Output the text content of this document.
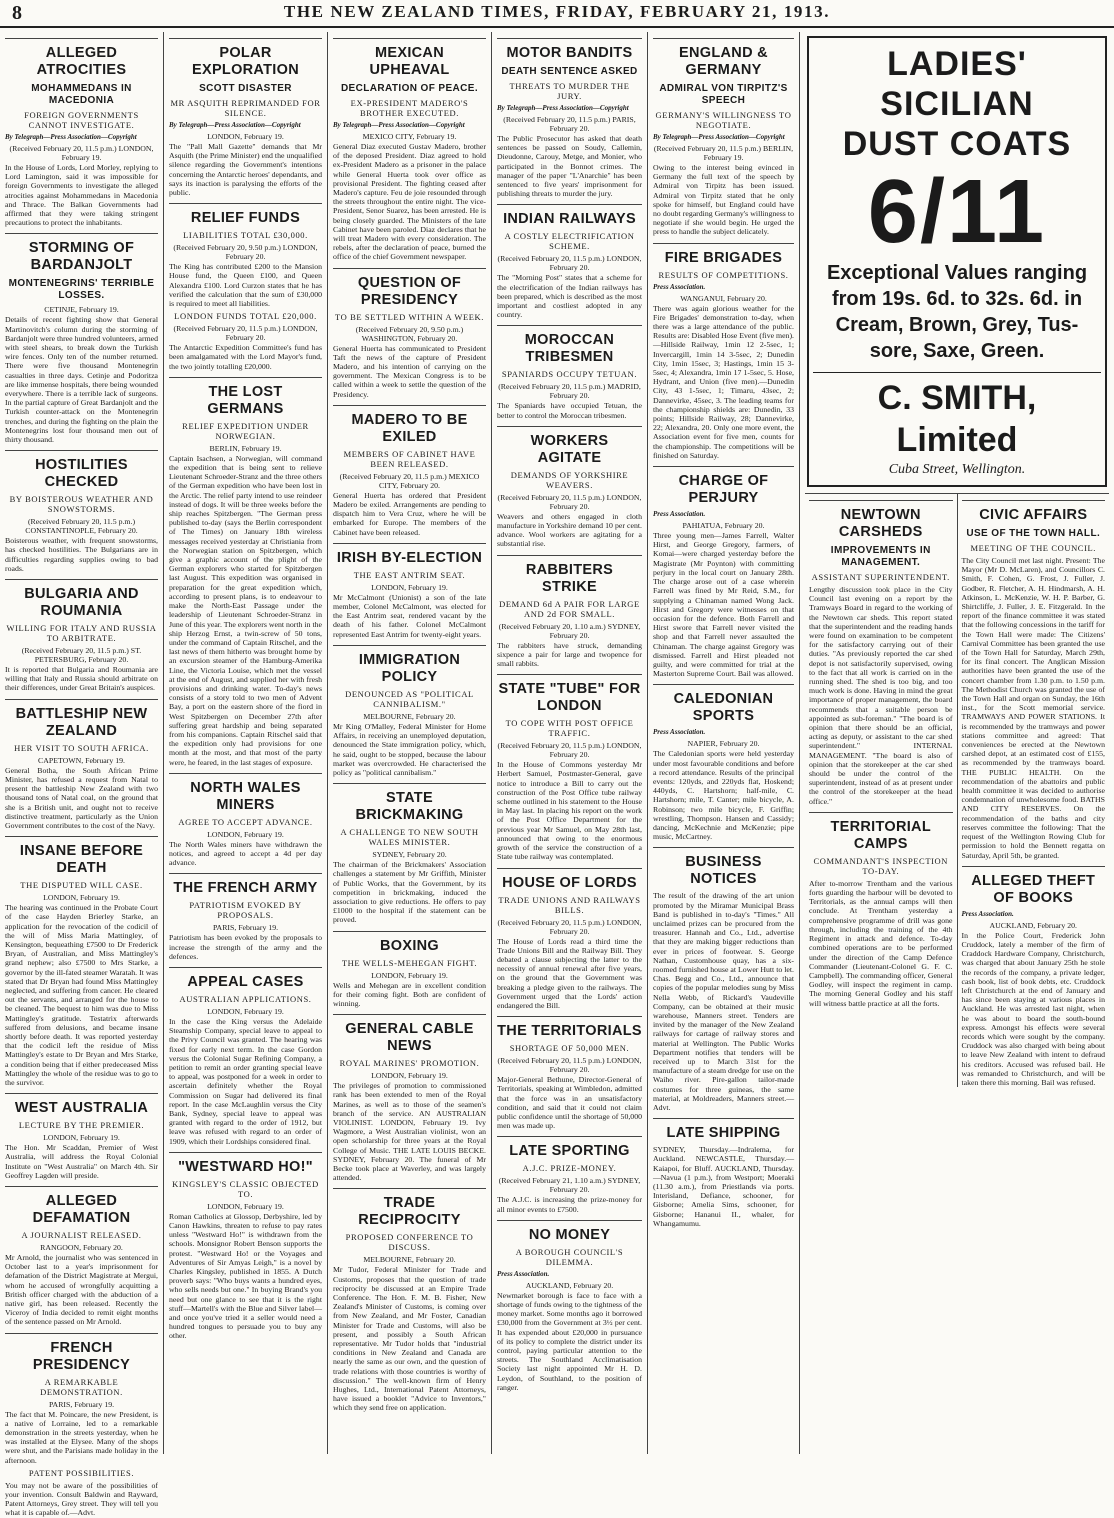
8	THE NEW ZEALAND TIMES, FRIDAY, FEBRUARY 21, 1913.
ALLEGED ATROCITIES
MOHAMMEDANS IN MACEDONIA
FOREIGN GOVERNMENTS CANNOT INVESTIGATE.
By Telegraph—Press Association—Copyright
(Received February 20, 11.5 p.m.) LONDON, February 19.

In the House of Lords, Lord Morley, replying to Lord Lamington, said it was impossible for foreign Governments to investigate the alleged atrocities against Mohammedans in Macedonia and Thrace. The Balkan Governments had affirmed that they were taking stringent precautions to protect the inhabitants.

STORMING OF BARDANJOLT
MONTENEGRINS' TERRIBLE LOSSES.
CETINJE, February 19.

Details of recent fighting show that General Martinovitch's column during the storming of Bardanjolt were three hundred volunteers, armed with steel shears, to break down the Turkish wire fences. Only ten of the number returned. There were five thousand Montenegrin casualties in three days. Cetinje and Podoritza are like immense hospitals, there being wounded everywhere. There is a terrible lack of surgeons. In the partial capture of Great Bardanjolt and the Turkish counter-attack on the Montenegrin trenches, and during the fighting on the plain the Montenegrins lost four thousand men out of thirty thousand.

HOSTILITIES CHECKED
BY BOISTEROUS WEATHER AND SNOWSTORMS.
(Received February 20, 11.5 p.m.) CONSTANTINOPLE, February 20.

Boisterous weather, with frequent snowstorms, has checked hostilities. The Bulgarians are in difficulties regarding supplies owing to bad roads.

BULGARIA AND ROUMANIA
WILLING FOR ITALY AND RUSSIA TO ARBITRATE.
(Received February 20, 11.5 p.m.) ST. PETERSBURG, February 20.

It is reported that Bulgaria and Roumania are willing that Italy and Russia should arbitrate on their differences, under Great Britain's auspices.

BATTLESHIP NEW ZEALAND
HER VISIT TO SOUTH AFRICA.
CAPETOWN, February 19.

General Botha, the South African Prime Minister, has refused a request from Natal to present the battleship New Zealand with two thousand tons of Natal coal, on the ground that she is a British unit, and ought not to receive distinctive treatment, particularly as the Union Government contributes to the cost of the Navy.

INSANE BEFORE DEATH
THE DISPUTED WILL CASE.
LONDON, February 19.

The hearing was continued in the Probate Court of the case Hayden Brierley Starke, an application for the revocation of the codicil of the will of Miss Maria Mattingley, of Kensington, bequeathing £7500 to Dr Frederick Bryan, of Australian, and Miss Mattingley's grand nephew; also £7500 to Mrs Starke, a governor by the ill-fated steamer Waratah. It was stated that Dr Bryan had found Miss Mattingley neglected, and suffering from cancer. He cleared out the servants, and arranged for the house to be cleaned. The bequest to him was due to Miss Mattingley's gratitude. Testatrix afterwards suffered from delusions, and became insane shortly before death. It was reported yesterday that the codicil left the residue of Miss Mattingley's estate to Dr Bryan and Mrs Starke, a condition being that if either predeceased Miss Mattingley the whole of the residue was to go to the survivor.

WEST AUSTRALIA
LECTURE BY THE PREMIER.
LONDON, February 19.

The Hon. Mr Scaddan, Premier of West Australia, will address the Royal Colonial Institute on "West Australia" on March 4th. Sir Geoffrey Lagden will preside.

ALLEGED DEFAMATION
A JOURNALIST RELEASED.
RANGOON, February 20.

Mr Arnold, the journalist who was sentenced in October last to a year's imprisonment for defamation of the District Magistrate at Mergui, whom he accused of wrongfully acquitting a British officer charged with the abduction of a native girl, has been released. Recently the Viceroy of India decided to remit eight months of the sentence passed on Mr Arnold.

FRENCH PRESIDENCY
A REMARKABLE DEMONSTRATION.
PARIS, February 19.

The fact that M. Poincare, the new President, is a native of Lorraine, led to a remarkable demonstration in the streets yesterday, when he was installed at the Elysee. Many of the shops were shut, and the Parisians made holiday in the afternoon.

PATENT POSSIBILITIES.

You may not be aware of the possibilities of your invention. Consult Baldwin and Rayward, Patent Attorneys, Grey street. They will tell you what it is capable of.—Advt.

POLAR EXPLORATION
SCOTT DISASTER
MR ASQUITH REPRIMANDED FOR SILENCE.
By Telegraph—Press Association—Copyright
LONDON, February 19.

The "Pall Mall Gazette" demands that Mr Asquith (the Prime Minister) end the unqualified silence regarding the Government's intentions concerning the Antarctic heroes' dependants, and says its inaction is paralysing the efforts of the public.

RELIEF FUNDS
LIABILITIES TOTAL £30,000.
(Received February 20, 9.50 p.m.) LONDON, February 20.

The King has contributed £200 to the Mansion House fund, the Queen £100, and Queen Alexandra £100. Lord Curzon states that he has verified the calculation that the sum of £30,000 is required to meet all liabilities.

LONDON FUNDS TOTAL £20,000.
(Received February 20, 11.5 p.m.) LONDON, February 20.

The Antarctic Expedition Committee's fund has been amalgamated with the Lord Mayor's fund, the two jointly totalling £20,000.

THE LOST GERMANS
RELIEF EXPEDITION UNDER NORWEGIAN.
BERLIN, February 19.

Captain Isachsen, a Norwegian, will command the expedition that is being sent to relieve Lieutenant Schroeder-Stranz and the three others of the German expedition who have been lost in the Arctic. The relief party intend to use reindeer instead of dogs. It will be three weeks before the ship reaches Spitzbergen. "The German press published to-day (says the Berlin correspondent of The Times) on January 18th wireless messages received yesterday at Christiania from the Norwegian station on Spitzbergen, which give a graphic account of the plight of the German explorers who started for Spitzbergen last August. This expedition was organised in preparation for the great expedition which, according to present plans, is to endeavour to make the North-East Passage under the leadership of Lieutenant Schroeder-Stranz in June of this year. The explorers went north in the ship Herzog Ernst, a twin-screw of 50 tons, under the command of Captain Ritschel, and the last news of them hitherto was brought home by an excursion steamer of the Hamburg-Amerika Line, the Victoria Louise, which met the vessel at the end of August, and supplied her with fresh provisions and drinking water. To-day's news consists of a story told to two men of Advent Bay, a port on the eastern shore of the fiord in West Spitzbergen on December 27th after suffering great hardship and being separated from his companions. Captain Ritschel said that the expedition only had provisions for one month at the most, and that most of the party were, he feared, in the last stages of exposure.

NORTH WALES MINERS
AGREE TO ACCEPT ADVANCE.
LONDON, February 19.

The North Wales miners have withdrawn the notices, and agreed to accept a 4d per day advance.

THE FRENCH ARMY
PATRIOTISM EVOKED BY PROPOSALS.
PARIS, February 19.

Patriotism has been evoked by the proposals to increase the strength of the army and the defences.

APPEAL CASES
AUSTRALIAN APPLICATIONS.
LONDON, February 19.

In the case the King versus the Adelaide Steamship Company, special leave to appeal to the Privy Council was granted. The hearing was fixed for early next term. In the case Gordon versus the Colonial Sugar Refining Company, a petition to remit an order granting special leave to appeal, was postponed for a week in order to ascertain definitely whether the Royal Commission on Sugar had delivered its final report. In the case McLaughlin versus the City Bank, Sydney, special leave to appeal was granted with regard to the order of 1912, but leave was refused with regard to an order of 1909, which their Lordships considered final.

"WESTWARD HO!"
KINGSLEY'S CLASSIC OBJECTED TO.
LONDON, February 19.

Roman Catholics at Glossop, Derbyshire, led by Canon Hawkins, threaten to refuse to pay rates unless "Westward Ho!" is withdrawn from the schools. Monsignor Robert Benson supports the protest. "Westward Ho! or the Voyages and Adventures of Sir Amyas Leigh," is a novel by Charles Kingsley, published in 1855. A Dutch proverb says: "Who buys wants a hundred eyes, who sells needs but one." In buying Brand's you need but one glance to see that it is the right stuff—Martell's with the Blue and Silver label—and once you've tried it a seller would need a hundred tongues to persuade you to buy any other.

MEXICAN UPHEAVAL
DECLARATION OF PEACE.
EX-PRESIDENT MADERO'S BROTHER EXECUTED.
By Telegraph—Press Association—Copyright
MEXICO CITY, February 19.

General Diaz executed Gustav Madero, brother of the deposed President. Diaz agreed to hold ex-President Madero as a prisoner in the palace while General Huerta took over office as provisional President. The fighting ceased after Madero's capture. Feu de joie resounded through the streets throughout the entire night. The vice-President, Senor Suarez, has been arrested. He is being closely guarded. The Ministers of the late Cabinet have been paroled. Diaz declares that he will treat Madero with every consideration. The rebels, after the declaration of peace, burned the office of the chief Government newspaper.

QUESTION OF PRESIDENCY
TO BE SETTLED WITHIN A WEEK.
(Received February 20, 9.50 p.m.) WASHINGTON, February 20.

General Huerta has communicated to President Taft the news of the capture of President Madero, and his intention of carrying on the government. The Mexican Congress is to be called within a week to settle the question of the Presidency.

MADERO TO BE EXILED
MEMBERS OF CABINET HAVE BEEN RELEASED.
(Received February 20, 11.5 p.m.) MEXICO CITY, February 20.

General Huerta has ordered that President Madero be exiled. Arrangements are pending to dispatch him to Vera Cruz, where he will be embarked for Europe. The members of the Cabinet have been released.

IRISH BY-ELECTION
THE EAST ANTRIM SEAT.
LONDON, February 19.

Mr McCalmont (Unionist) a son of the late member, Colonel McCalmont, was elected for the East Antrim seat, rendered vacant by the death of his father. Colonel McCalmont represented East Antrim for twenty-eight years.

IMMIGRATION POLICY
DENOUNCED AS "POLITICAL CANNIBALISM."
MELBOURNE, February 20.

Mr King O'Malley, Federal Minister for Home Affairs, in receiving an unemployed deputation, denounced the State immigration policy, which, he said, ought to be stopped, because the labour market was overcrowded. He characterised the policy as "political cannibalism."

STATE BRICKMAKING
A CHALLENGE TO NEW SOUTH WALES MINISTER.
SYDNEY, February 20.

The chairman of the Brickmakers' Association challenges a statement by Mr Griffith, Minister of Public Works, that the Government, by its competition in brickmaking, induced the association to give reductions. He offers to pay £1000 to the hospital if the statement can be proved.

BOXING
THE WELLS-MEHEGAN FIGHT.
LONDON, February 19.

Wells and Mehegan are in excellent condition for their coming fight. Both are confident of winning.

GENERAL CABLE NEWS
ROYAL MARINES' PROMOTION.
LONDON, February 19.

The privileges of promotion to commissioned rank has been extended to men of the Royal Marines, as well as to those of the seamen's branch of the service. AN AUSTRALIAN VIOLINIST. LONDON, February 19. Ivy Wagmore, a West Australian violinist, won an open scholarship for three years at the Royal College of Music. THE LATE LOUIS BECKE. SYDNEY, February 20. The funeral of Mr Becke took place at Waverley, and was largely attended.

TRADE RECIPROCITY
PROPOSED CONFERENCE TO DISCUSS.
MELBOURNE, February 20.

Mr Tudor, Federal Minister for Trade and Customs, proposes that the question of trade reciprocity be discussed at an Empire Trade Conference. The Hon. F. M. B. Fisher, New Zealand's Minister of Customs, is coming over from New Zealand, and Mr Foster, Canadian Minister for Trade and Customs, will also be present, and possibly a South African representative. Mr Tudor holds that "industrial conditions in New Zealand and Canada are nearly the same as our own, and the question of trade relations with those countries is worthy of discussion." The well-known firm of Henry Hughes, Ltd., International Patent Attorneys, have issued a booklet "Advice to Inventors," which they send free on application.

MOTOR BANDITS
DEATH SENTENCE ASKED
THREATS TO MURDER THE JURY.
By Telegraph—Press Association—Copyright
(Received February 20, 11.5 p.m.) PARIS, February 20.

The Public Prosecutor has asked that death sentences be passed on Soudy, Callemin, Dieudonne, Carouy, Metge, and Monier, who participated in the Bonnot crimes. The manager of the paper "L'Anarchie" has been sentenced to five years' imprisonment for publishing threats to murder the jury.

INDIAN RAILWAYS
A COSTLY ELECTRIFICATION SCHEME.
(Received February 20, 11.5 p.m.) LONDON, February 20.

The "Morning Post" states that a scheme for the electrification of the Indian railways has been prepared, which is described as the most important and costliest adopted in any country.

MOROCCAN TRIBESMEN
SPANIARDS OCCUPY TETUAN.
(Received February 20, 11.5 p.m.) MADRID, February 20.

The Spaniards have occupied Tetuan, the better to control the Moroccan tribesmen.

WORKERS AGITATE
DEMANDS OF YORKSHIRE WEAVERS.
(Received February 20, 11.5 p.m.) LONDON, February 20.

Weavers and others engaged in cloth manufacture in Yorkshire demand 10 per cent. advance. Wool workers are agitating for a substantial rise.

RABBITERS STRIKE
DEMAND 6d A PAIR FOR LARGE AND 2d FOR SMALL.
(Received February 20, 1.10 a.m.) SYDNEY, February 20.

The rabbiters have struck, demanding sixpence a pair for large and twopence for small rabbits.

STATE "TUBE" FOR LONDON
TO COPE WITH POST OFFICE TRAFFIC.
(Received February 20, 11.5 p.m.) LONDON, February 20.

In the House of Commons yesterday Mr Herbert Samuel, Postmaster-General, gave notice to introduce a Bill to carry out the construction of the Post Office tube railway scheme outlined in his statement to the House in May last. In placing his report on the work of the Post Office Department for the previous year Mr Samuel, on May 28th last, announced that owing to the enormous growth of the service the construction of a State tube railway was contemplated.

HOUSE OF LORDS
TRADE UNIONS AND RAILWAYS BILLS.
(Received February 20, 11.5 p.m.) LONDON, February 20.

The House of Lords read a third time the Trade Unions Bill and the Railway Bill. They debated a clause subjecting the latter to the necessity of annual renewal after five years, on the ground that the Government was breaking a pledge given to the railways. The Government urged that the Lords' action endangered the Bill.

THE TERRITORIALS
SHORTAGE OF 50,000 MEN.
(Received February 20, 11.5 p.m.) LONDON, February 20.

Major-General Bethune, Director-General of Territorials, speaking at Wimbledon, admitted that the force was in an unsatisfactory condition, and said that it could not claim public confidence until the shortage of 50,000 men was made up.

LATE SPORTING
A.J.C. PRIZE-MONEY.
(Received February 21, 1.10 a.m.) SYDNEY, February 20.

The A.J.C. is increasing the prize-money for all minor events to £7500.

NO MONEY
A BOROUGH COUNCIL'S DILEMMA.
Press Association.
AUCKLAND, February 20.

Newmarket borough is face to face with a shortage of funds owing to the tightness of the money market. Some months ago it borrowed £30,000 from the Government at 3½ per cent. It has expended about £20,000 in pursuance of its policy to complete the district under its control, paying particular attention to the streets. The Southland Acclimatisation Society last night appointed Mr H. D. Leydon, of Southland, to the position of ranger.

ENGLAND & GERMANY
ADMIRAL VON TIRPITZ'S SPEECH
GERMANY'S WILLINGNESS TO NEGOTIATE.
By Telegraph—Press Association—Copyright
(Received February 20, 11.5 p.m.) BERLIN, February 19.

Owing to the interest being evinced in Germany the full text of the speech by Admiral von Tirpitz has been issued. Admiral von Tirpitz stated that he only spoke for himself, but England could have no doubt regarding Germany's willingness to negotiate if she would begin. He urged the press to handle the subject delicately.

FIRE BRIGADES
RESULTS OF COMPETITIONS.
Press Association.
WANGANUI, February 20.

There was again glorious weather for the Fire Brigades' demonstration to-day, when there was a large attendance of the public. Results are: Disabled Hose Event (five men).—Hillside Railway, 1min 12 2-5sec, 1; Invercargill, 1min 14 3-5sec, 2; Dunedin City, 1min 15sec, 3; Hastings, 1min 15 3-5sec, 4; Alexandra, 1min 17 1-5sec, 5. Hose, Hydrant, and Union (five men).—Dunedin City, 43 1-5sec, 1; Timaru, 43sec, 2; Dannevirke, 45sec, 3. The leading teams for the championship shields are: Dunedin, 33 points; Hillside Railway, 28; Dannevirke, 22; Alexandra, 20. Only one more event, the Association event for five men, counts for the championship. The competitions will be finished on Saturday.

CHARGE OF PERJURY
Press Association.
PAHIATUA, February 20.

Three young men—James Farrell, Walter Hirst, and George Gregory, farmers, of Komai—were charged yesterday before the Magistrate (Mr Poynton) with committing perjury in the local court on January 28th. The charge arose out of a case wherein Farrell was fined by Mr Reid, S.M., for supplying a Chinaman named Wong Jack. Hirst and Gregory were witnesses on that occasion for the defence. Both Farrell and Hirst swore that Farrell never visited the shop and that Farrell never assaulted the Chinaman. The charge against Gregory was dismissed. Farrell and Hirst pleaded not guilty, and were committed for trial at the Masterton Supreme Court. Bail was allowed.

CALEDONIAN SPORTS
Press Association.
NAPIER, February 20.

The Caledonian sports were held yesterday under most favourable conditions and before a record attendance. Results of the principal events: 120yds, and 220yds flat, Hoskend; 440yds, C. Hartshorn; half-mile, C. Hartshorn; mile, T. Canter; mile bicycle, A. Robinson; two mile bicycle, F. Griffin; wrestling, Thompson. Hansen and Cassidy; dancing, McKechnie and McKenzie; pipe music, McCartney.

BUSINESS NOTICES

The result of the drawing of the art union promoted by the Miramar Municipal Brass Band is published in to-day's "Times." All unclaimed prizes can be procured from the treasurer. Hannah and Co., Ltd., advertise that they are making bigger reductions than ever in prices of footwear. S. George Nathan, Customhouse quay, has a six-roomed furnished house at Lower Hutt to let. Chas. Begg and Co., Ltd., announce that copies of the popular melodies sung by Miss Nella Webb, of Rickard's Vaudeville Company, can be obtained at their music warehouse, Manners street. Tenders are invited by the manager of the New Zealand railways for cartage of railway stores and material at Wellington. The Public Works Department notifies that tenders will be received up to March 31st for the manufacture of a steam dredge for use on the Waiho river. Pire-gallon tailor-made costumes for three guineas, the same material, at Moldreaders, Manners street.—Advt.

LATE SHIPPING

SYDNEY, Thursday.—Indralema, for Auckland. NEWCASTLE, Thursday.—Kaiapoi, for Bluff. AUCKLAND, Thursday.—Navua (1 p.m.), from Westport; Moeraki (11.30 a.m.), from Priestlands via ports. Interisland, Defiance, schooner, for Gisborne; Amelia Sims, schooner, for Gisborne; Hananui II., whaler, for Whangamumu.

LADIES' SICILIAN
DUST COATS
6/11
Exceptional Values ranging
from 19s. 6d. to 32s. 6d. in
Cream, Brown, Grey, Tus-
sore, Saxe, Green.
C. SMITH, Limited
Cuba Street, Wellington.
NEWTOWN CARSHEDS
IMPROVEMENTS IN MANAGEMENT.
ASSISTANT SUPERINTENDENT.

Lengthy discussion took place in the City Council last evening on a report by the Tramways Board in regard to the working of the Newtown car sheds. This report stated that the superintendent and the reading hands were found on examination to be competent for the satisfactory carrying out of their duties. "As previously reported the car shed depot is not satisfactorily supervised, owing to the fact that all work is carried on in the running shed. The shed is too big, and too much work is done. Having in mind the great importance of proper management, the board recommends that a suitable person be appointed as sub-foreman." "The board is of opinion that there should be an official, acting as deputy, or assistant to the car shed superintendent." INTERNAL MANAGEMENT. "The board is also of opinion that the storekeeper at the car shed should be under the control of the superintendent, instead of as at present under the control of the storekeeper at the head office."

TERRITORIAL CAMPS
COMMANDANT'S INSPECTION TO-DAY.

After to-morrow Trentham and the various forts guarding the harbour will be devoted to Territorials, as the annual camps will then conclude. At Trentham yesterday a comprehensive programme of drill was gone through, including the training of the 4th Regiment in attack and defence. To-day combined operations are to be performed under the direction of the Camp Defence Commander (Lieutenant-Colonel G. F. C. Campbell). The commanding officer, General Godley, will inspect the regiment in camp. The morning General Godley and his staff will witness battle practice at all the forts.

CIVIC AFFAIRS
USE OF THE TOWN HALL.
MEETING OF THE COUNCIL.

The City Council met last night. Present: The Mayor (Mr D. McLaren), and Councillors C. Smith, F. Cohen, G. Frost, J. Fuller, J. Godber, R. Fletcher, A. H. Hindmarsh, A. H. Atkinson, L. McKenzie, W. H. P. Barber, G. Shirtcliffe, J. Fuller, J. E. Fitzgerald. In the report of the finance committee it was stated that the following concessions in the tariff for the Town Hall were made: The Citizens' Carnival Committee has been granted the use of the Town Hall for Saturday, March 29th, for its final concert. The Anglican Mission authorities have been granted the use of the concert chamber from 1.30 p.m. to 1.50 p.m. The Methodist Church was granted the use of the Town Hall and organ on Sunday, the 16th inst., for the Scott memorial service. TRAMWAYS AND POWER STATIONS. It is recommended by the tramways and power stations committee and agreed: That conveniences be erected at the Newtown carshed depot, at an estimated cost of £155, as recommended by the tramways board. THE PUBLIC HEALTH. On the recommendation of the abattoirs and public health committee it was decided to authorise condemnation of unwholesome food. BATHS AND CITY RESERVES. On the recommendation of the baths and city reserves committee the following: That the request of the Wellington Rowing Club for permission to hold the Bennett regatta on Saturday, April 5th, be granted.

ALLEGED THEFT OF BOOKS
Press Association.
AUCKLAND, February 20.

In the Police Court, Frederick John Cruddock, lately a member of the firm of Craddock Hardware Company, Christchurch, was charged that about January 25th he stole the records of the company, a private ledger, cash book, list of book debts, etc. Cruddock left Christchurch at the end of January and has since been staying at various places in Auckland. He was arrested last night, when he was about to board the south-bound express. Amongst his effects were several records which were sought by the company. Cruddock was also charged with being about to leave New Zealand with intent to defraud his creditors. Accused was refused bail. He was remanded to Christchurch, and will be taken there this morning. Bail was refused.
